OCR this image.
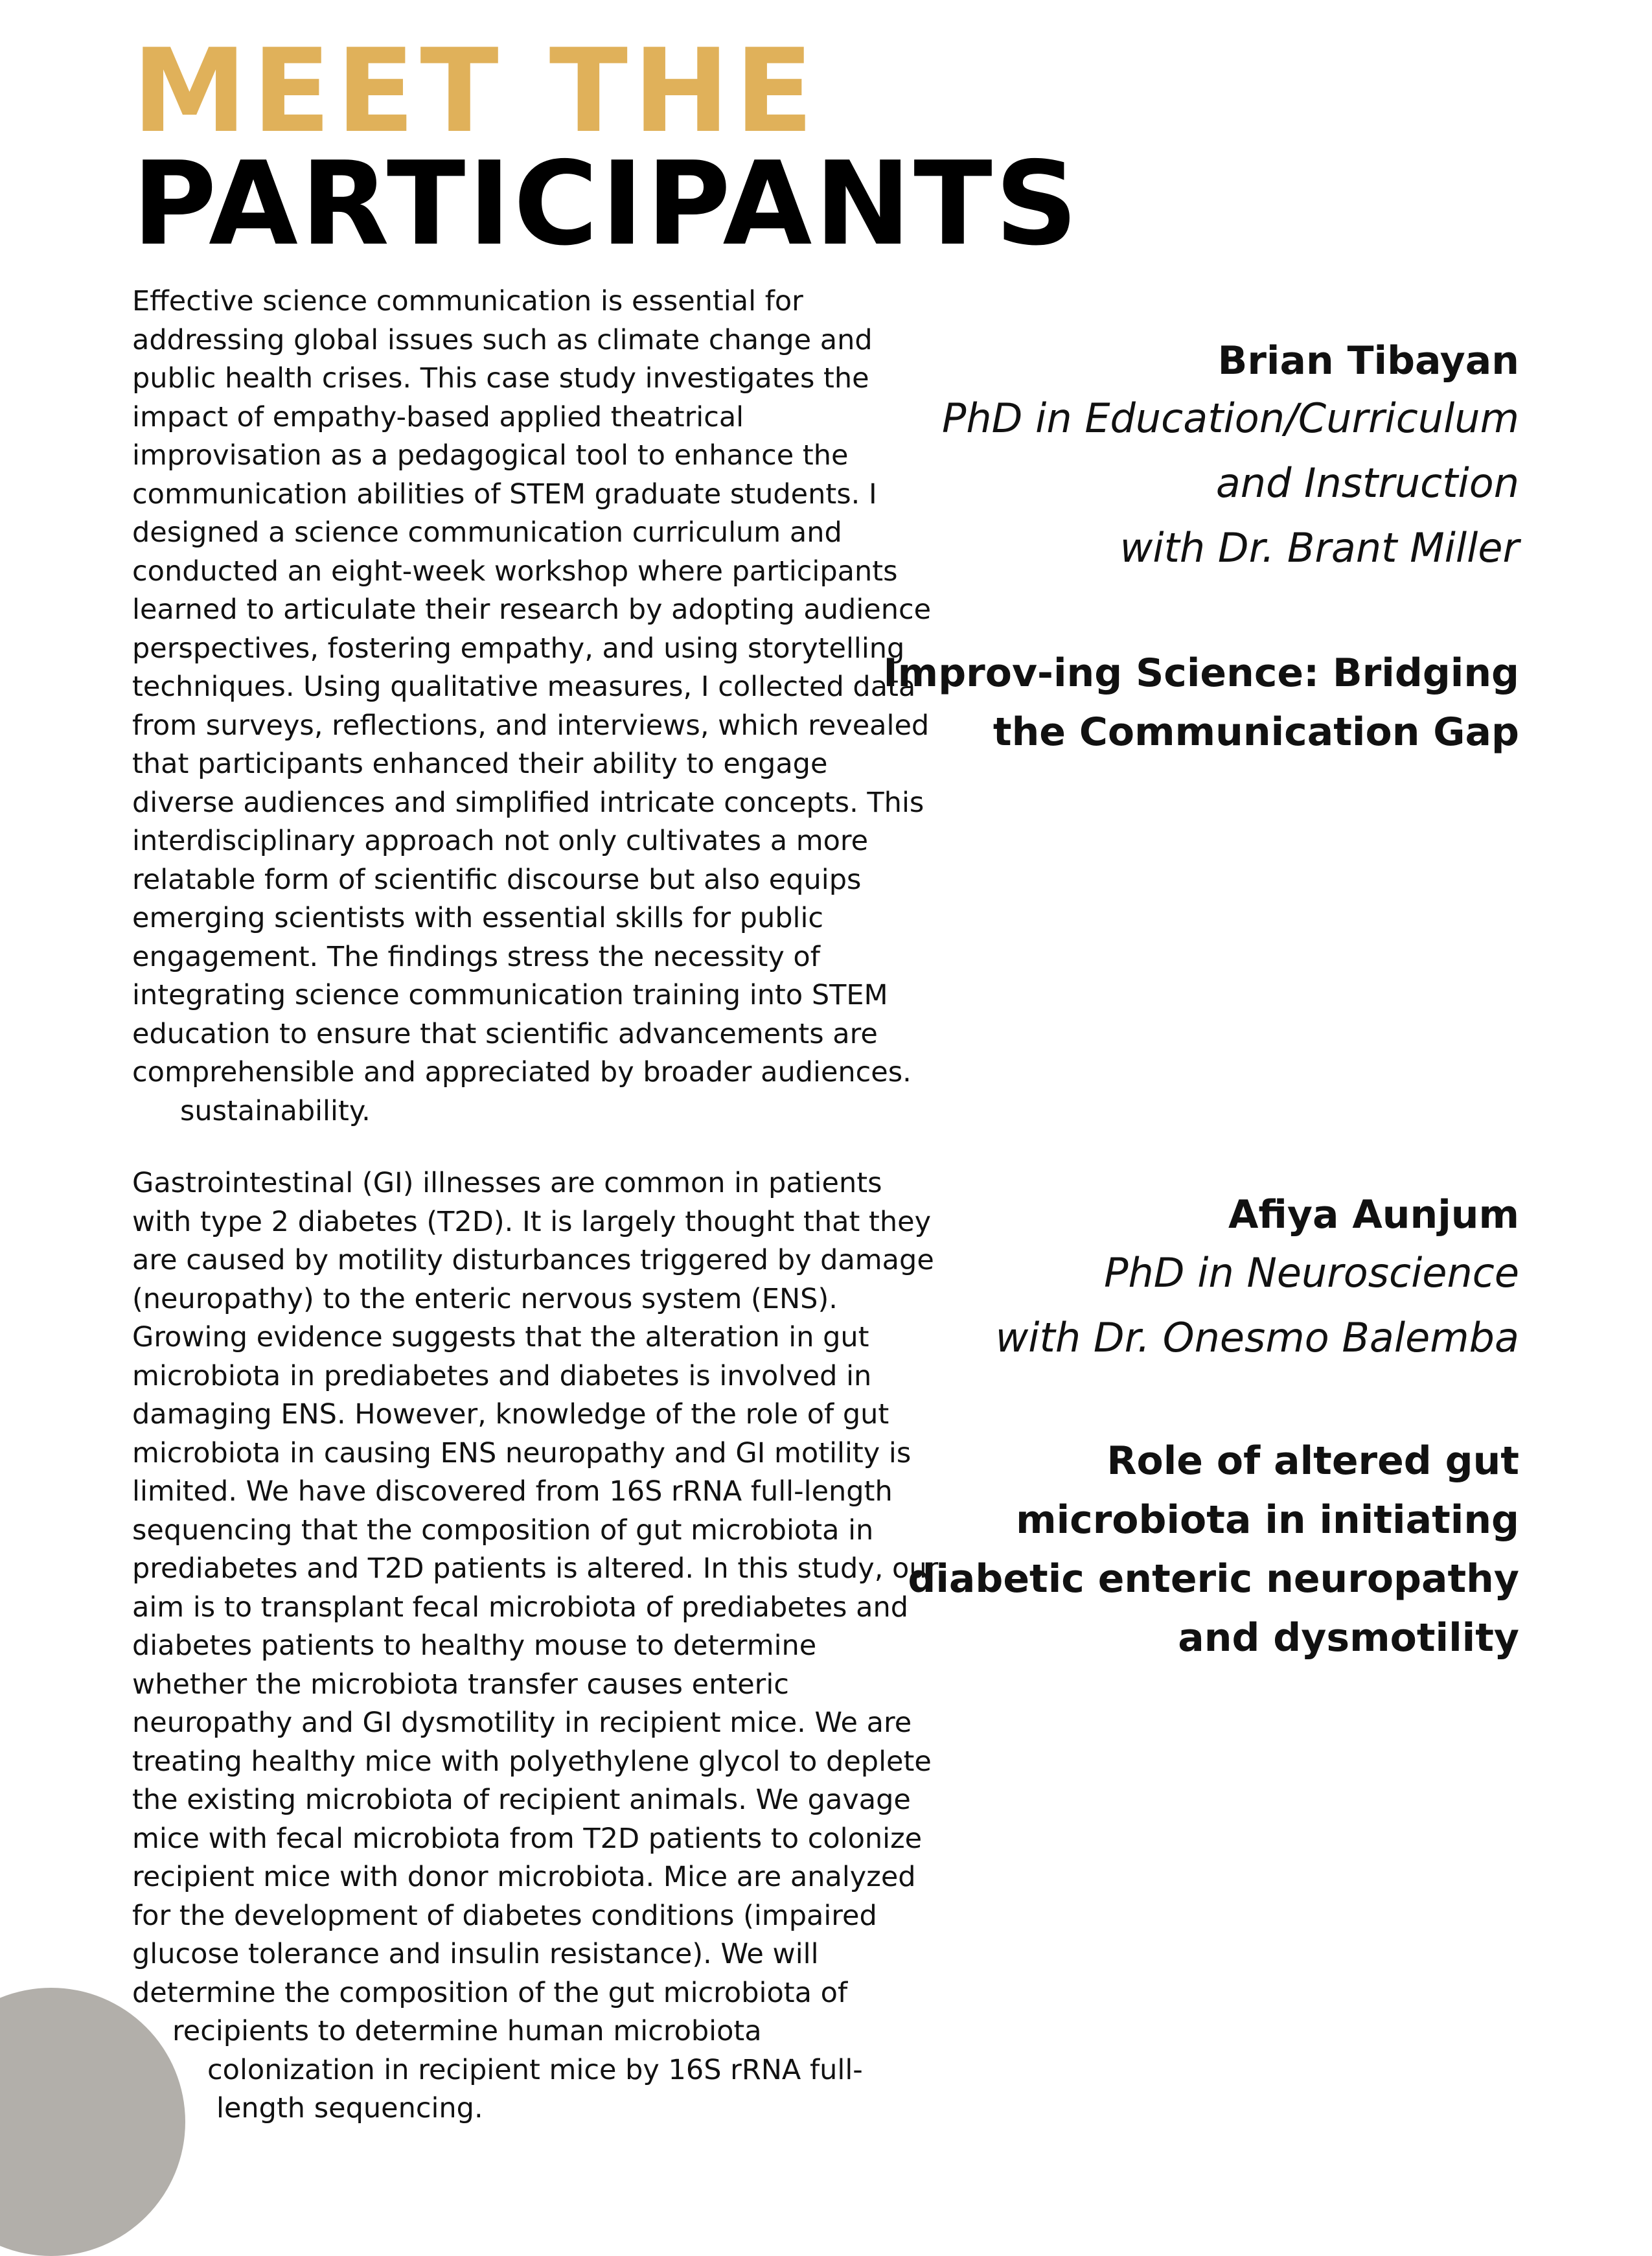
MEET THE
PARTICIPANTS
Effective science communication is essential for
addressing global issues such as climate change and
public health crises. This case study investigates the
impact of empathy-based applied theatrical
improvisation as a pedagogical tool to enhance the
communication abilities of STEM graduate students. I
designed a science communication curriculum and
conducted an eight-week workshop where participants
learned to articulate their research by adopting audience
perspectives, fostering empathy, and using storytelling
techniques. Using qualitative measures, I collected data
from surveys, reflections, and interviews, which revealed
that participants enhanced their ability to engage
diverse audiences and simplified intricate concepts. This
interdisciplinary approach not only cultivates a more
relatable form of scientific discourse but also equips
emerging scientists with essential skills for public
engagement. The findings stress the necessity of
integrating science communication training into STEM
education to ensure that scientific advancements are
comprehensible and appreciated by broader audiences.
sustainability.
Brian Tibayan
PhD in Education/Curriculum
and Instruction
with Dr. Brant Miller
Improv-ing Science: Bridging
the Communication Gap
Gastrointestinal (GI) illnesses are common in patients
with type 2 diabetes (T2D). It is largely thought that they
are caused by motility disturbances triggered by damage
(neuropathy) to the enteric nervous system (ENS).
Growing evidence suggests that the alteration in gut
microbiota in prediabetes and diabetes is involved in
damaging ENS. However, knowledge of the role of gut
microbiota in causing ENS neuropathy and GI motility is
limited. We have discovered from 16S rRNA full-length
sequencing that the composition of gut microbiota in
prediabetes and T2D patients is altered. In this study, our
aim is to transplant fecal microbiota of prediabetes and
diabetes patients to healthy mouse to determine
whether the microbiota transfer causes enteric
neuropathy and GI dysmotility in recipient mice. We are
treating healthy mice with polyethylene glycol to deplete
the existing microbiota of recipient animals. We gavage
mice with fecal microbiota from T2D patients to colonize
recipient mice with donor microbiota. Mice are analyzed
for the development of diabetes conditions (impaired
glucose tolerance and insulin resistance). We will
determine the composition of the gut microbiota of
recipients to determine human microbiota
colonization in recipient mice by 16S rRNA full-
length sequencing.
Afiya Aunjum
PhD in Neuroscience
with Dr. Onesmo Balemba
Role of altered gut
microbiota in initiating
diabetic enteric neuropathy
and dysmotility
